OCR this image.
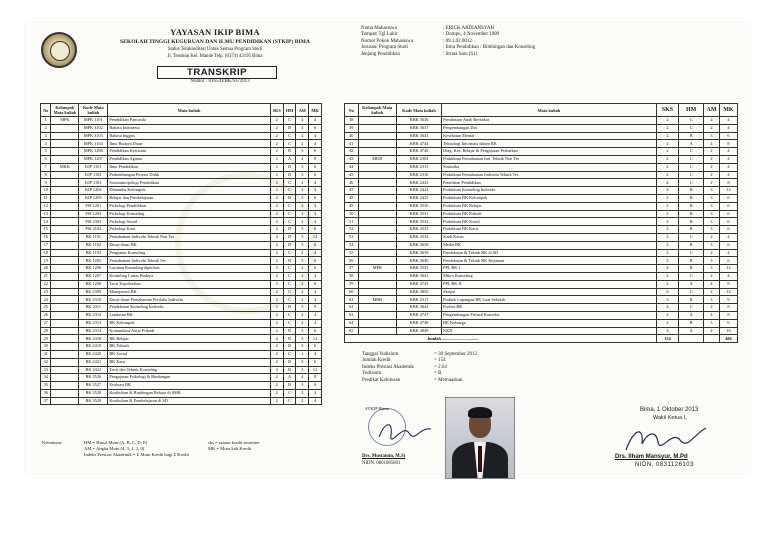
YAYASAN IKIP BIMA
SEKOLAH TINGGI KEGURUAN DAN ILMU PENDIDIKAN (STKIP) BIMA
Status Terakreditasi Untuk Semua Program Studi
Jl. Tendean Kel. Mande Telp. (0374) 43195 Bima
TRANSKRIP
Nomor : 0165/II/BK/S1/2013
Nama Mahasiswa	: ERICK ARDIANSYAH
Tempat/ Tgl Lahir	: Dompu, 4 November 1989
Nomor Pokok Mahasiswa	: 09.1.02.0012
Jurusan/ Program Studi	: Ilmu Pendidikan / Bimbingan dan Konseling
Jenjang Pendidikan	: Strata Satu (S1)
No	Kelompok Mata kuliah	Kode Mata kuliah	Mata kuliah	SKS	HM	AM	MK
1	MPK	MPK 1101	Pendidikan Pancasila	2	C	2	4
2		MPK 1102	Bahasa Indonesia	2	B	3	6
3		MPK 1103	Bahasa Inggris	2	C	2	4
4		MPK 1104	Ilmu Budaya Dasar	2	C	2	4
5		MPK 1206	Pendidikan Kewiraan	2	B	3	6
6		MPK 1207	Pendidikan Agama	2	A	4	8
7	MKK	KIP 1101	Ilmu Pendidikan	2	B	3	6
8		KIP 1102	Perkembangan Peserta Didik	2	B	3	6
9		KIP 1103	Sosioantropologi Pendidikan	2	C	2	4
10		KIP 1204	Dinamika Kelompok	2	C	2	4
11		KIP 1205	Belajar dan Pembelajaran	2	B	3	6
12		PSI 1201	Psikologi Pendidikan	2	C	2	4
13		PSI 1202	Psikologi Konseling	2	C	2	4
14		PSI 2303	Psikologi Sosial	2	C	2	4
15		PSI 2104	Psikologi Karir	2	B	3	6
16		BK 1101	Pemahaman Individu Teknik Non Tes	4	B	3	12
17		BK 1102	Dasar-dasar BK	2	B	3	6
18		BK 1103	Pengantar Konseling	2	C	2	4
19		BK 1205	Pemahaman Individu Teknik Tes	2	B	3	6
20		BK 1206	Layanan Konseling diperluas	3	C	2	6
21		BK 1207	Konseling Lintas Budaya	2	C	2	4
22		BK 1208	Teori Kepribadian	3	C	2	6
23		BK 2309	Manajemen BK	2	C	2	4
24		BK 2310	Dasar-dasar Pemahaman Perilaku Individu	2	C	2	4
25		BK 2311	Pendekatan Konseling Individu	3	B	3	9
26		BK 2312	Landasan BK	2	C	2	4
27		BK 2313	BK Kelompok	2	C	2	4
28		BK 2314	Komunikasi Antar Pribadi	2	B	3	6
29		BK 2418	BK Belajar	4	B	3	12
30		BK 2419	BK Pribadi	2	B	3	6
31		BK 2420	BK Sosial	2	C	2	4
32		BK 2421	BK Karir	2	B	3	6
33		BK 2422	Teori dan Teknik Konseling	4	B	3	12
34		BK 3526	Pengajaran Psikologi & Bimbingan	2	A	4	8
35		BK 3527	Evaluasi BK	2	B	3	6
36		BK 3528	Kurikulum & Bimbingan Belajar di SMK	2	C	2	4
37		BK 3529	Kurikulum & Pembelajaran di SD	2	C	2	4
No	Kelompok Mata kuliah	Kode Mata kuliah	Mata kuliah	SKS	HM	AM	MK
38		KBK 3636	Pembinaan Anak Berbakat	2	C	2	4
39		KBK 3637	Pengembangan Diri	2	C	2	4
40		KBK 3643	Kesehatan Mental	2	B	3	6
41		KBK 4744	Teknologi Informasi dalam BK	2	A	4	8
42		KBK 4746	Diag. Kes. Belajar & Pengajaran Perbaikan	2	C	2	4
43	MKB	KBK 2304	Praktikum Pemahaman Ind. Teknik Non Tes	2	C	2	4
44		KBK 2315	Statistika	2	C	2	4
45		KBK 2316	Praktikum Pemahaman Individu Teknik Tes	2	C	2	4
46		KBK 2423	Penelitian Pendidikan	4	C	2	8
47		KBK 2424	Praktikum Konseling Individu	4	B	3	12
48		KBK 2425	Praktikum BK Kelompok	2	B	3	6
49		KBK 3530	Praktikum BK Belajar	2	B	3	6
50		KBK 3531	Praktikum BK Pribadi	2	B	3	6
51		KBK 3532	Praktikum BK Sosial	2	B	3	6
52		KBK 3533	Praktikum BK Karir	2	B	3	6
53		KBK 3534	Studi Kasus	2	C	2	4
54		KBK 3638	Media BK	2	B	3	6
55		KBK 3639	Pendekatan & Teknik BK di SD	2	C	2	4
56		KBK 3640	Pendekatan & Teknik BK Kejuruan	2	B	3	6
57	MPB	KBK 3535	PPL BK I	4	B	3	12
58		KBK 3641	Mikro Konseling	2	C	2	4
59		KBK 4745	PPL BK II	2	A	4	8
60		KBK 4850	Skripsi	6	C	2	12
61	MBB	KBK 2317	Praktek Lapangan BK Luar Sekolah	3	B	3	9
62		KBK 3642	Profesi BK	4	C	2	8
63		KBK 4747	Pengembangan Pribadi Konselor	2	A	4	8
64		KBK 4748	BK Keluarga	2	B	3	6
65		KBK 4849	KKN	4	A	4	16
Jumlah ..................................				154			406
Tanggal Yudisium	= 30 September 2013
Jumlah Kredit	= 154
Indeks Prestasi Akademik	= 2.64
Yudisium	= B
Predikat Kelulusan	= Memuaskan
Ketentuan:	HM = Huruf Mutu (A, B, C, D, E)	sks = satuan kredit semester
AM = Angka Mutu (4, 3, 2, 1, 0)	MK = Mutu kali Kredit
Indeks Prestasi Akademik = Σ Mutu Kredit bagi Σ Kredit
STKIP Bima
Drs. Mustamin, M.Si
NIDN. 0801085801
Bima, 1 Oktober 2013
Wakil Ketua I,
Drs. Ilham Mansyur, M.Pd
NIDN. 0831126103
